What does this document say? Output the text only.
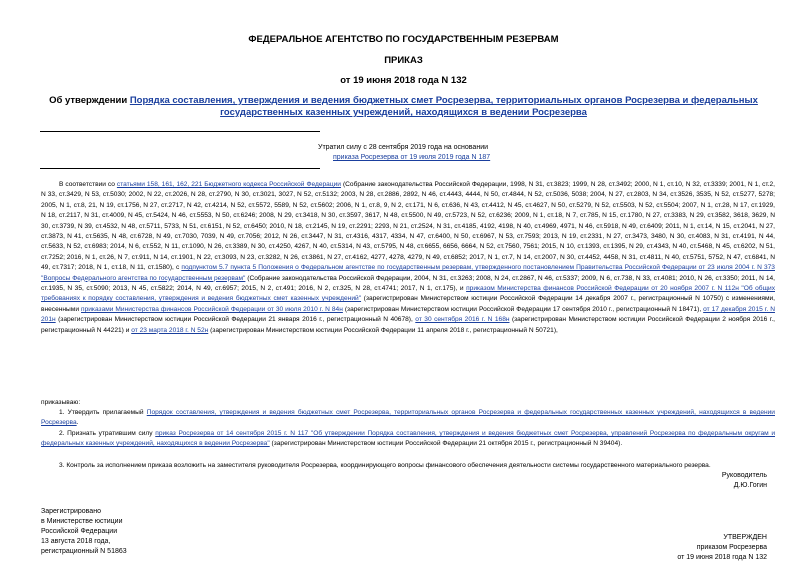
ФЕДЕРАЛЬНОЕ АГЕНТСТВО ПО ГОСУДАРСТВЕННЫМ РЕЗЕРВАМ
ПРИКАЗ
от 19 июня 2018 года N 132
Об утверждении Порядка составления, утверждения и ведения бюджетных смет Росрезерва, территориальных органов Росрезерва и федеральных государственных казенных учреждений, находящихся в ведении Росрезерва
Утратил силу с 28 сентября 2019 года на основании
приказа Росрезерва от 19 июля 2019 года N 187
В соответствии со статьями 158, 161, 162, 221 Бюджетного кодекса Российской Федерации (Собрание законодательства Российской Федерации, 1998, N 31, ст.3823; 1999, N 28, ст.3492; 2000, N 1, ст.10, N 32, ст.3339; 2001, N 1, ст.2, N 33, ст.3429, N 53, ст.5030; 2002, N 22, ст.2026, N 28, ст.2790, N 30, ст.3021, 3027, N 52, ст.5132; 2003, N 28, ст.2886, 2892, N 46, ст.4443, 4444, N 50, ст.4844, N 52, ст.5036, 5038; 2004, N 27, ст.2803, N 34, ст.3526, 3535, N 52, ст.5277, 5278; 2005, N 1, ст.8, 21, N 19, ст.1756, N 27, ст.2717, N 42, ст.4214, N 52, ст.5572, 5589, N 52, ст.5602; 2006, N 1, ст.8, 9, N 2, ст.171, N 6, ст.636, N 43, ст.4412, N 45, ст.4627, N 50, ст.5279, N 52, ст.5503, N 52, ст.5504; 2007, N 1, ст.28, N 17, ст.1929, N 18, ст.2117, N 31, ст.4009, N 45, ст.5424, N 46, ст.5553, N 50, ст.6246; 2008, N 29, ст.3418, N 30, ст.3597, 3617, N 48, ст.5500, N 49, ст.5723, N 52, ст.6236; 2009, N 1, ст.18, N 7, ст.785, N 15, ст.1780, N 27, ст.3383, N 29, ст.3582, 3618, 3629, N 30, ст.3739, N 39, ст.4532, N 48, ст.5711, 5733, N 51, ст.6151, N 52, ст.6450; 2010, N 18, ст.2145, N 19, ст.2291; 2293, N 21, ст.2524, N 31, ст.4185, 4192, 4198, N 40, ст.4969, 4971, N 46, ст.5918, N 49, ст.6409; 2011, N 1, ст.14, N 15, ст.2041, N 27, ст.3873, N 41, ст.5635, N 48, ст.6728, N 49, ст.7030, 7039, N 49, ст.7056; 2012, N 26, ст.3447, N 31, ст.4316, 4317, 4334, N 47, ст.6400, N 50, ст.6967, N 53, ст.7593; 2013, N 19, ст.2331, N 27, ст.3473, 3480, N 30, ст.4083, N 31, ст.4191, N 44, ст.5633, N 52, ст.6983; 2014, N 6, ст.552, N 11, ст.1090, N 26, ст.3389, N 30, ст.4250, 4267, N 40, ст.5314, N 43, ст.5795, N 48, ст.6655, 6656, 6664, N 52, ст.7560, 7561; 2015, N 10, ст.1393, ст.1395, N 29, ст.4343, N 40, ст.5468, N 45, ст.6202, N 51, ст.7252; 2016, N 1, ст.26, N 7, ст.911, N 14, ст.1901, N 22, ст.3093, N 23, ст.3282, N 26, ст.3861, N 27, ст.4162, 4277, 4278, 4279, N 49, ст.6852; 2017, N 1, ст.7, N 14, ст.2007, N 30, ст.4452, 4458, N 31, ст.4811, N 40, ст.5751, 5752, N 47, ст.6841, N 49, ст.7317; 2018, N 1, ст.18, N 11, ст.1580), с подпунктом 5.7 пункта 5 Положения о Федеральном агентстве по государственным резервам, утвержденного постановлением Правительства Российской Федерации от 23 июля 2004 г. N 373 "Вопросы Федерального агентства по государственным резервам" (Собрание законодательства Российской Федерации, 2004, N 31, ст.3263; 2008, N 24, ст.2867, N 46, ст.5337; 2009, N 6, ст.738, N 33, ст.4081; 2010, N 26, ст.3350; 2011, N 14, ст.1935, N 35, ст.5090; 2013, N 45, ст.5822; 2014, N 49, ст.6957; 2015, N 2, ст.491; 2016, N 2, ст.325, N 28, ст.4741; 2017, N 1, ст.175), и приказом Министерства финансов Российской Федерации от 20 ноября 2007 г. N 112н "Об общих требованиях к порядку составления, утверждения и ведения бюджетных смет казенных учреждений" (зарегистрирован Министерством юстиции Российской Федерации 14 декабря 2007 г., регистрационный N 10750) с изменениями, внесенными приказами Министерства финансов Российской Федерации от 30 июля 2010 г. N 84н (зарегистрирован Министерством юстиции Российской Федерации 17 сентября 2010 г., регистрационный N 18471), от 17 декабря 2015 г. N 201н (зарегистрирован Министерством юстиции Российской Федерации 21 января 2016 г., регистрационный N 40678), от 30 сентября 2016 г. N 168н (зарегистрирован Министерством юстиции Российской Федерации 2 ноября 2016 г., регистрационный N 44221) и от 23 марта 2018 г. N 52н (зарегистрирован Министерством юстиции Российской Федерации 11 апреля 2018 г., регистрационный N 50721),
приказываю:
1. Утвердить прилагаемый Порядок составления, утверждения и ведения бюджетных смет Росрезерва, территориальных органов Росрезерва и федеральных государственных казенных учреждений, находящихся в ведении Росрезерва.
2. Признать утратившим силу приказ Росрезерва от 14 сентября 2015 г. N 117 "Об утверждении Порядка составления, утверждения и ведения бюджетных смет Росрезерва, управлений Росрезерва по федеральным округам и федеральных казенных учреждений, находящихся в ведении Росрезерва" (зарегистрирован Министерством юстиции Российской Федерации 21 октября 2015 г., регистрационный N 39404).
3. Контроль за исполнением приказа возложить на заместителя руководителя Росрезерва, координирующего вопросы финансового обеспечения деятельности системы государственного материального резерва.
Руководитель
Д.Ю.Гогин
Зарегистрировано
в Министерстве юстиции
Российской Федерации
13 августа 2018 года,
регистрационный N 51863
УТВЕРЖДЕН
приказом Росрезерва
от 19 июня 2018 года N 132
